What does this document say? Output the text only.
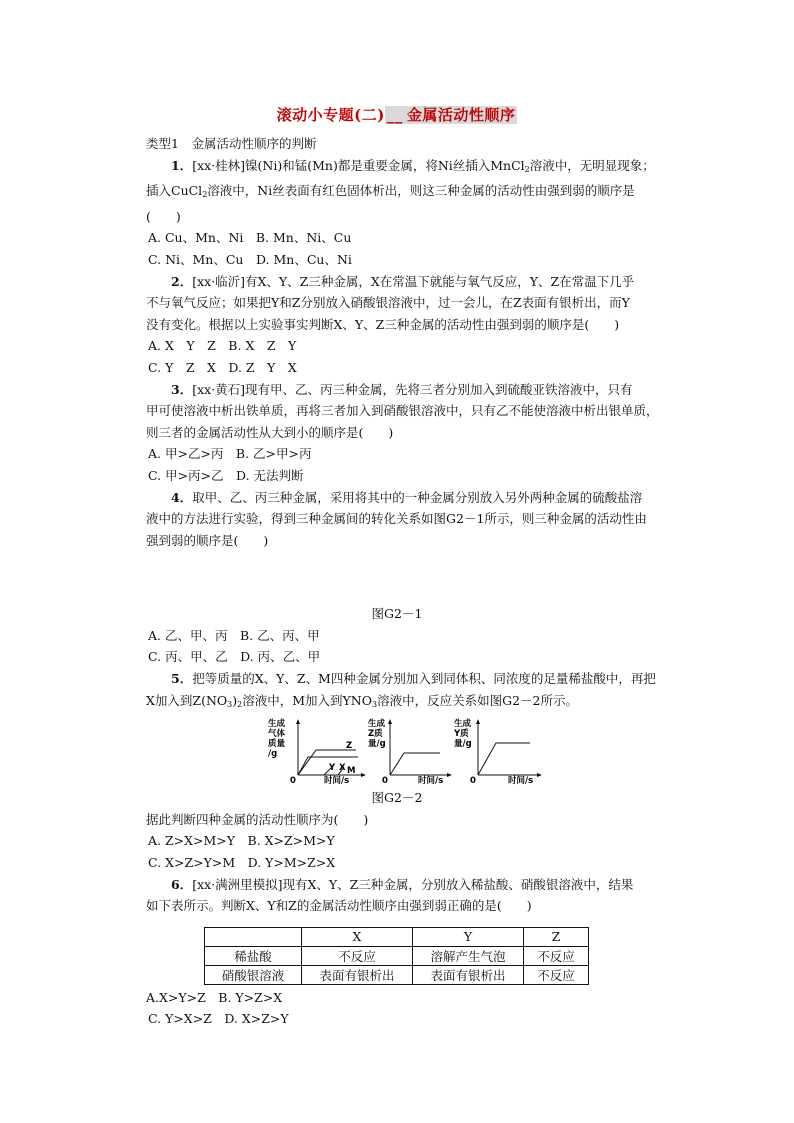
滚动小专题(二) __ 金属活动性顺序

类型1　金属活动性顺序的判断

1．[xx·桂林]镍(Ni)和锰(Mn)都是重要金属，将Ni丝插入MnCl$_2$溶液中，无明显现象；

插入CuCl$_2$溶液中，Ni丝表面有红色固体析出，则这三种金属的活动性由强到弱的顺序是

(　　)

A. Cu、Mn、Ni　B. Mn、Ni、Cu

C. Ni、Mn、Cu　D. Mn、Cu、Ni

2．[xx·临沂]有X、Y、Z三种金属，X在常温下就能与氧气反应，Y、Z在常温下几乎

不与氧气反应；如果把Y和Z分别放入硝酸银溶液中，过一会儿，在Z表面有银析出，而Y

没有变化。根据以上实验事实判断X、Y、Z三种金属的活动性由强到弱的顺序是(　　)

A. X　Y　Z　B. X　Z　Y

C. Y　Z　X　D. Z　Y　X

3．[xx·黄石]现有甲、乙、丙三种金属，先将三者分别加入到硫酸亚铁溶液中，只有

甲可使溶液中析出铁单质，再将三者加入到硝酸银溶液中，只有乙不能使溶液中析出银单质，

则三者的金属活动性从大到小的顺序是(　　)

A. 甲>乙>丙　B. 乙>甲>丙

C. 甲>丙>乙　D. 无法判断

4．取甲、乙、丙三种金属，采用将其中的一种金属分别放入另外两种金属的硫酸盐溶

液中的方法进行实验，得到三种金属间的转化关系如图G2－1所示，则三种金属的活动性由

强到弱的顺序是(　　)

图G2－1

A. 乙、甲、丙　B. 乙、丙、甲

C. 丙、甲、乙　D. 丙、乙、甲

5．把等质量的X、Y、Z、M四种金属分别加入到同体积、同浓度的足量稀盐酸中，再把

X加入到$Z(NO_3)_2$溶液中，M加入到$YNO_3$溶液中，反应关系如图G2－2所示。

生成
气体
质量
/g
Z
Y X M
0	时间/s
生成
Z质
量/g
0	时间/s
生成
Y质
量/g
0	时间/s

图G2－2

据此判断四种金属的活动性顺序为(　　)

A. Z>X>M>Y　B. X>Z>M>Y

C. X>Z>Y>M　D. Y>M>Z>X

6．[xx·满洲里模拟]现有X、Y、Z三种金属，分别放入稀盐酸、硝酸银溶液中，结果

如下表所示。判断X、Y和Z的金属活动性顺序由强到弱正确的是(　　)

	X	Y	Z
稀盐酸	不反应	溶解产生气泡	不反应
硝酸银溶液	表面有银析出	表面有银析出	不反应

A.X>Y>Z　B. Y>Z>X

C. Y>X>Z　D. X>Z>Y
